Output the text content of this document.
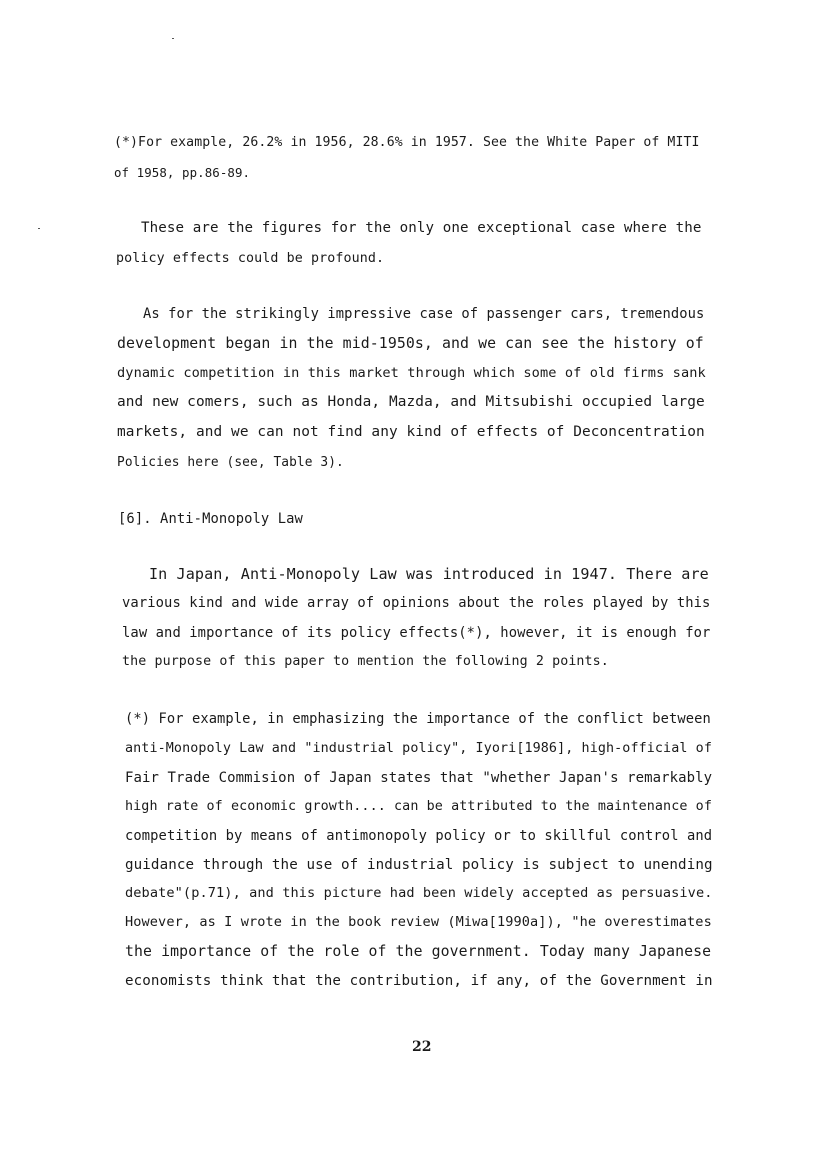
(*)For example, 26.2% in 1956, 28.6% in 1957. See the White Paper of MITI
of 1958, pp.86-89.
These are the figures for the only one exceptional case where the
policy effects could be profound.
As for the strikingly impressive case of passenger cars, tremendous
development began in the mid-1950s, and we can see the history of
dynamic competition in this market through which some of old firms sank
and new comers, such as Honda, Mazda, and Mitsubishi occupied large
markets, and we can not find any kind of effects of Deconcentration
Policies here (see, Table 3).
[6]. Anti-Monopoly Law
In Japan, Anti-Monopoly Law was introduced in 1947. There are
various kind and wide array of opinions about the roles played by this
law and importance of its policy effects(*), however, it is enough for
the purpose of this paper to mention the following 2 points.
(*) For example, in emphasizing the importance of the conflict between
anti-Monopoly Law and "industrial policy", Iyori[1986], high-official of
Fair Trade Commision of Japan states that "whether Japan's remarkably
high rate of economic growth.... can be attributed to the maintenance of
competition by means of antimonopoly policy or to skillful control and
guidance through the use of industrial policy is subject to unending
debate"(p.71), and this picture had been widely accepted as persuasive.
However, as I wrote in the book review (Miwa[1990a]), "he overestimates
the importance of the role of the government. Today many Japanese
economists think that the contribution, if any, of the Government in
22
